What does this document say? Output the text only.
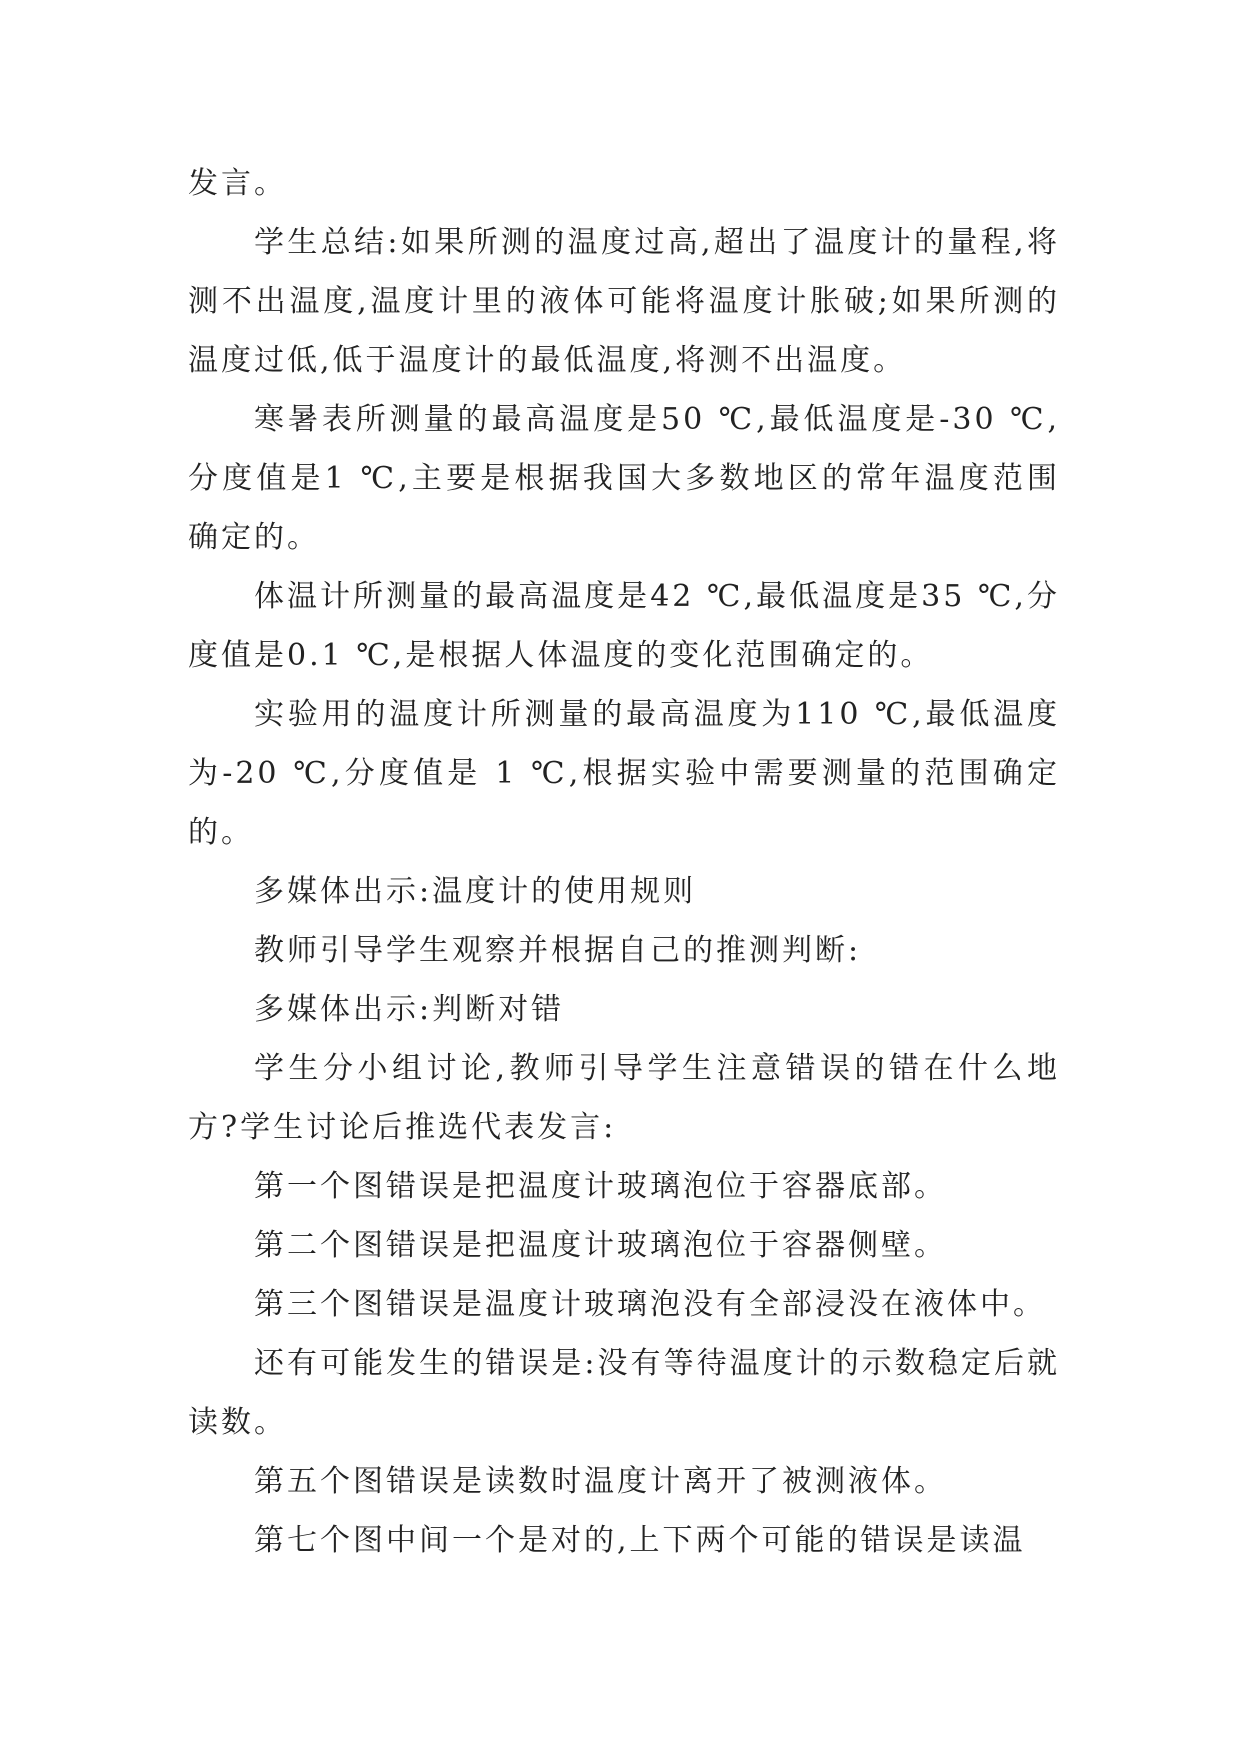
发言。

学生总结:如果所测的温度过高,超出了温度计的量程,将测不出温度,温度计里的液体可能将温度计胀破;如果所测的温度过低,低于温度计的最低温度,将测不出温度。

寒暑表所测量的最高温度是50 ℃,最低温度是-30 ℃,分度值是1 ℃,主要是根据我国大多数地区的常年温度范围确定的。

体温计所测量的最高温度是42 ℃,最低温度是35 ℃,分度值是0.1 ℃,是根据人体温度的变化范围确定的。

实验用的温度计所测量的最高温度为110 ℃,最低温度为-20 ℃,分度值是 1 ℃,根据实验中需要测量的范围确定的。

多媒体出示:温度计的使用规则

教师引导学生观察并根据自己的推测判断:

多媒体出示:判断对错

学生分小组讨论,教师引导学生注意错误的错在什么地方?学生讨论后推选代表发言:

第一个图错误是把温度计玻璃泡位于容器底部。

第二个图错误是把温度计玻璃泡位于容器侧壁。

第三个图错误是温度计玻璃泡没有全部浸没在液体中。

还有可能发生的错误是:没有等待温度计的示数稳定后就读数。

第五个图错误是读数时温度计离开了被测液体。

第七个图中间一个是对的,上下两个可能的错误是读温
